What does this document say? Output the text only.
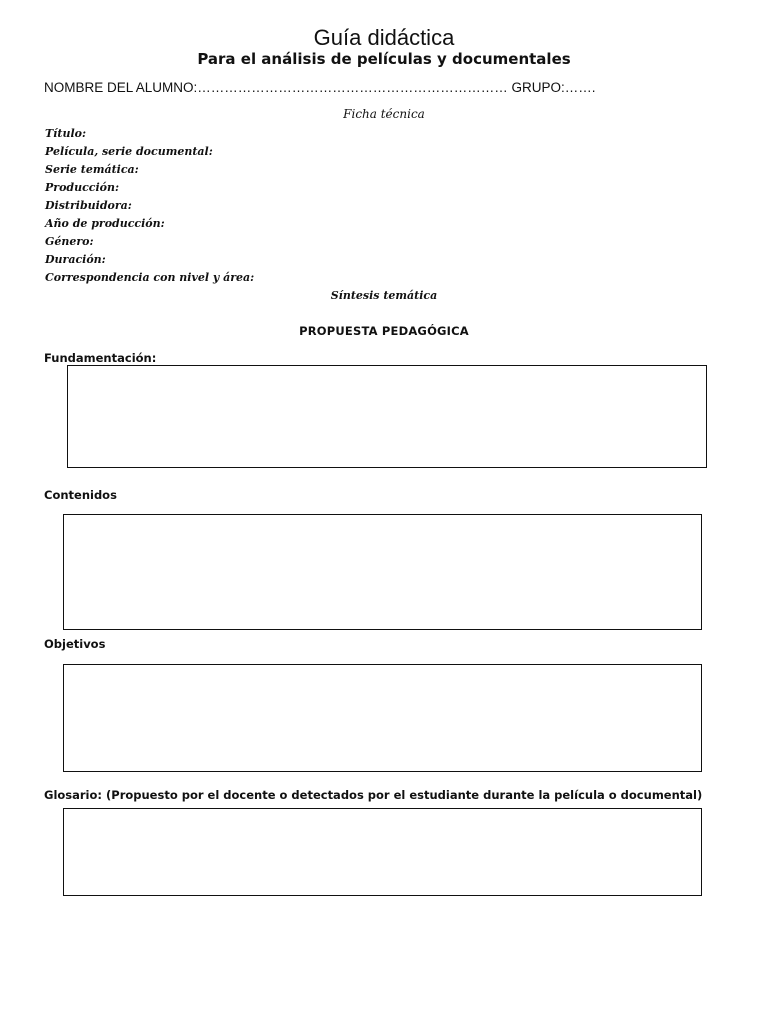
Guía didáctica
Para el análisis de películas y documentales
NOMBRE DEL ALUMNO:…………………………………………………………… GRUPO:…….
Ficha técnica
Título:
Película, serie documental:
Serie temática:
Producción:
Distribuidora:
Año de producción:
Género:
Duración:
Correspondencia con nivel y área:
Síntesis temática
PROPUESTA PEDAGÓGICA
Fundamentación:
Contenidos
Objetivos
Glosario: (Propuesto por el docente o detectados por el estudiante durante la película o documental)
